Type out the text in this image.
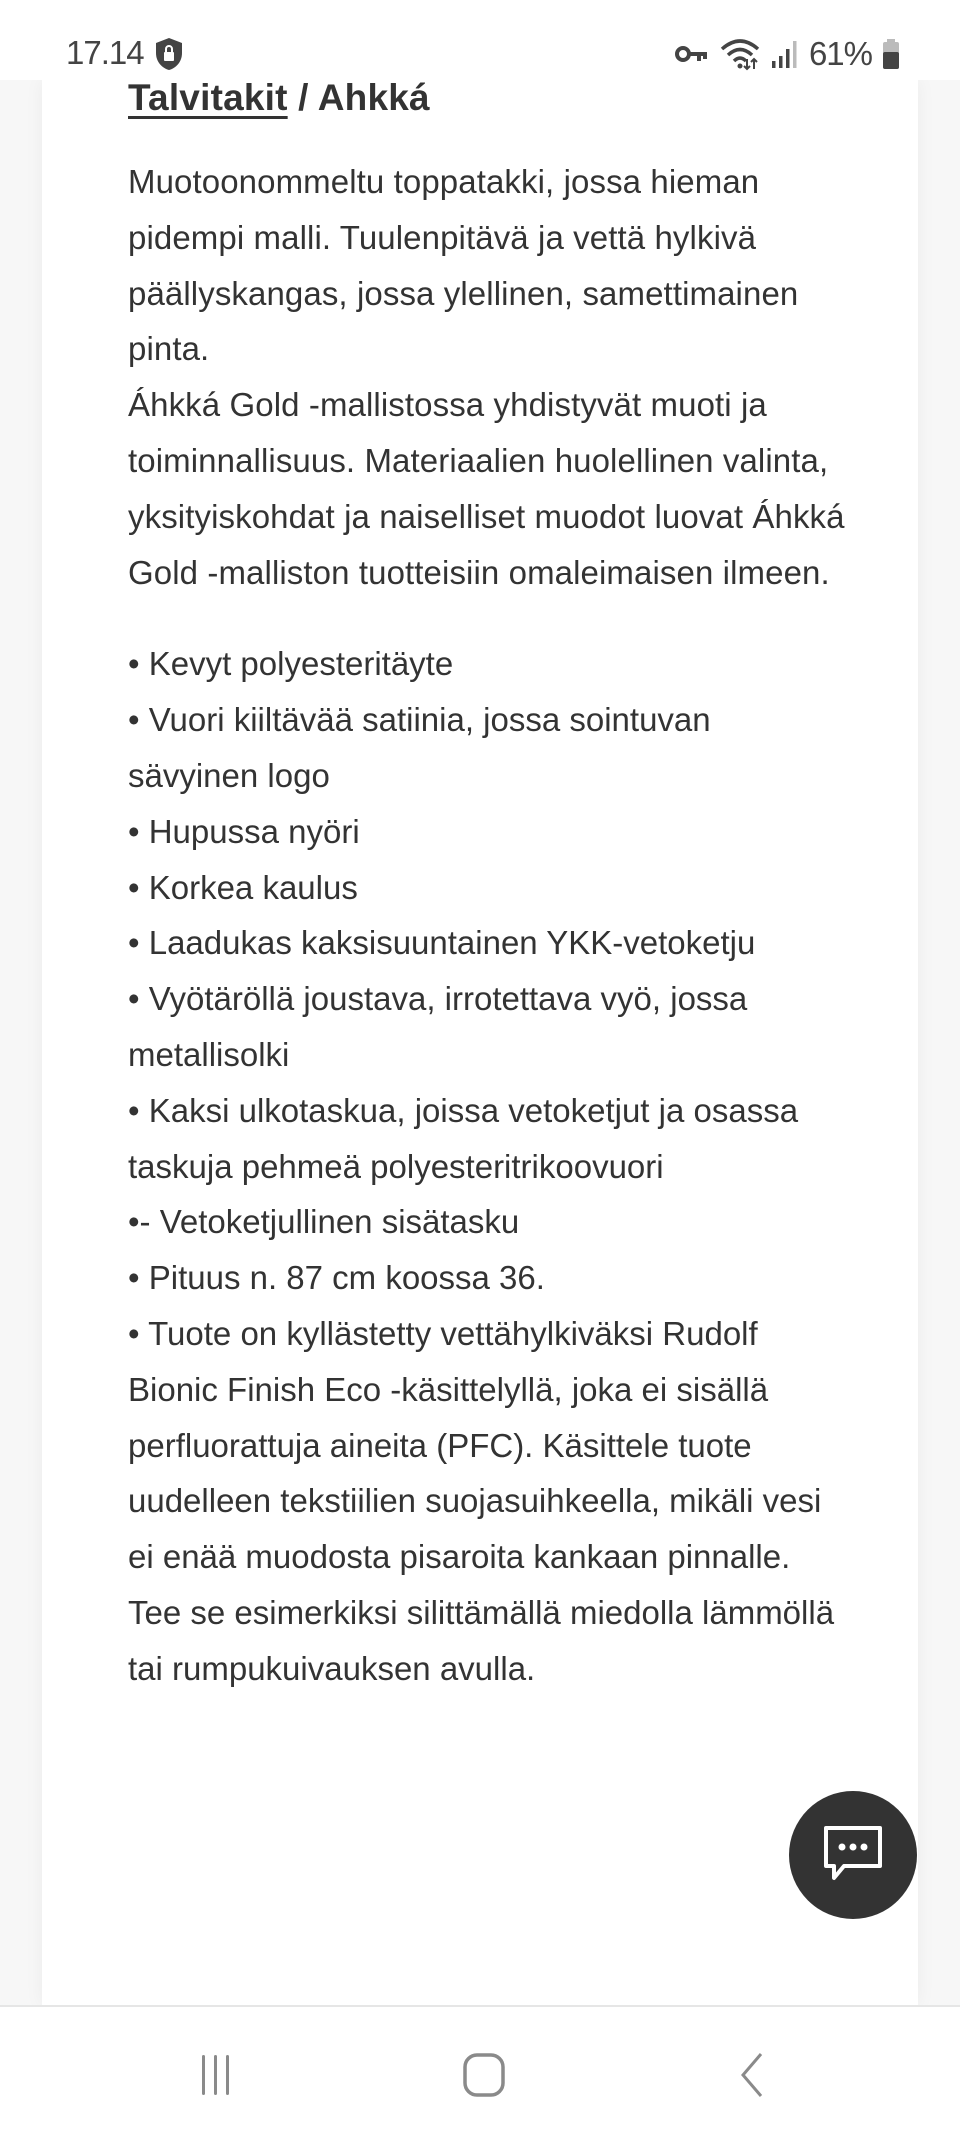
17.14	61%
Talvitakit / Ahkká

Muotoonommeltu toppatakki, jossa hieman pidempi malli. Tuulenpitävä ja vettä hylkivä päällyskangas, jossa ylellinen, samettimainen pinta.
Áhkká Gold -mallistossa yhdistyvät muoti ja toiminnallisuus. Materiaalien huolellinen valinta, yksityiskohdat ja naiselliset muodot luovat Áhkká Gold -malliston tuotteisiin omaleimaisen ilmeen.

• Kevyt polyesteritäyte
• Vuori kiiltävää satiinia, jossa sointuvan sävyinen logo
• Hupussa nyöri
• Korkea kaulus
• Laadukas kaksisuuntainen YKK-vetoketju
• Vyötäröllä joustava, irrotettava vyö, jossa metallisolki
• Kaksi ulkotaskua, joissa vetoketjut ja osassa taskuja pehmeä polyesteritrikoovuori
•- Vetoketjullinen sisätasku
• Pituus n. 87 cm koossa 36.
• Tuote on kyllästetty vettähylkiväksi Rudolf Bionic Finish Eco -käsittelyllä, joka ei sisällä perfluorattuja aineita (PFC). Käsittele tuote uudelleen tekstiilien suojasuihkeella, mikäli vesi ei enää muodosta pisaroita kankaan pinnalle. Tee se esimerkiksi silittämällä miedolla lämmöllä tai rumpukuivauksen avulla.
